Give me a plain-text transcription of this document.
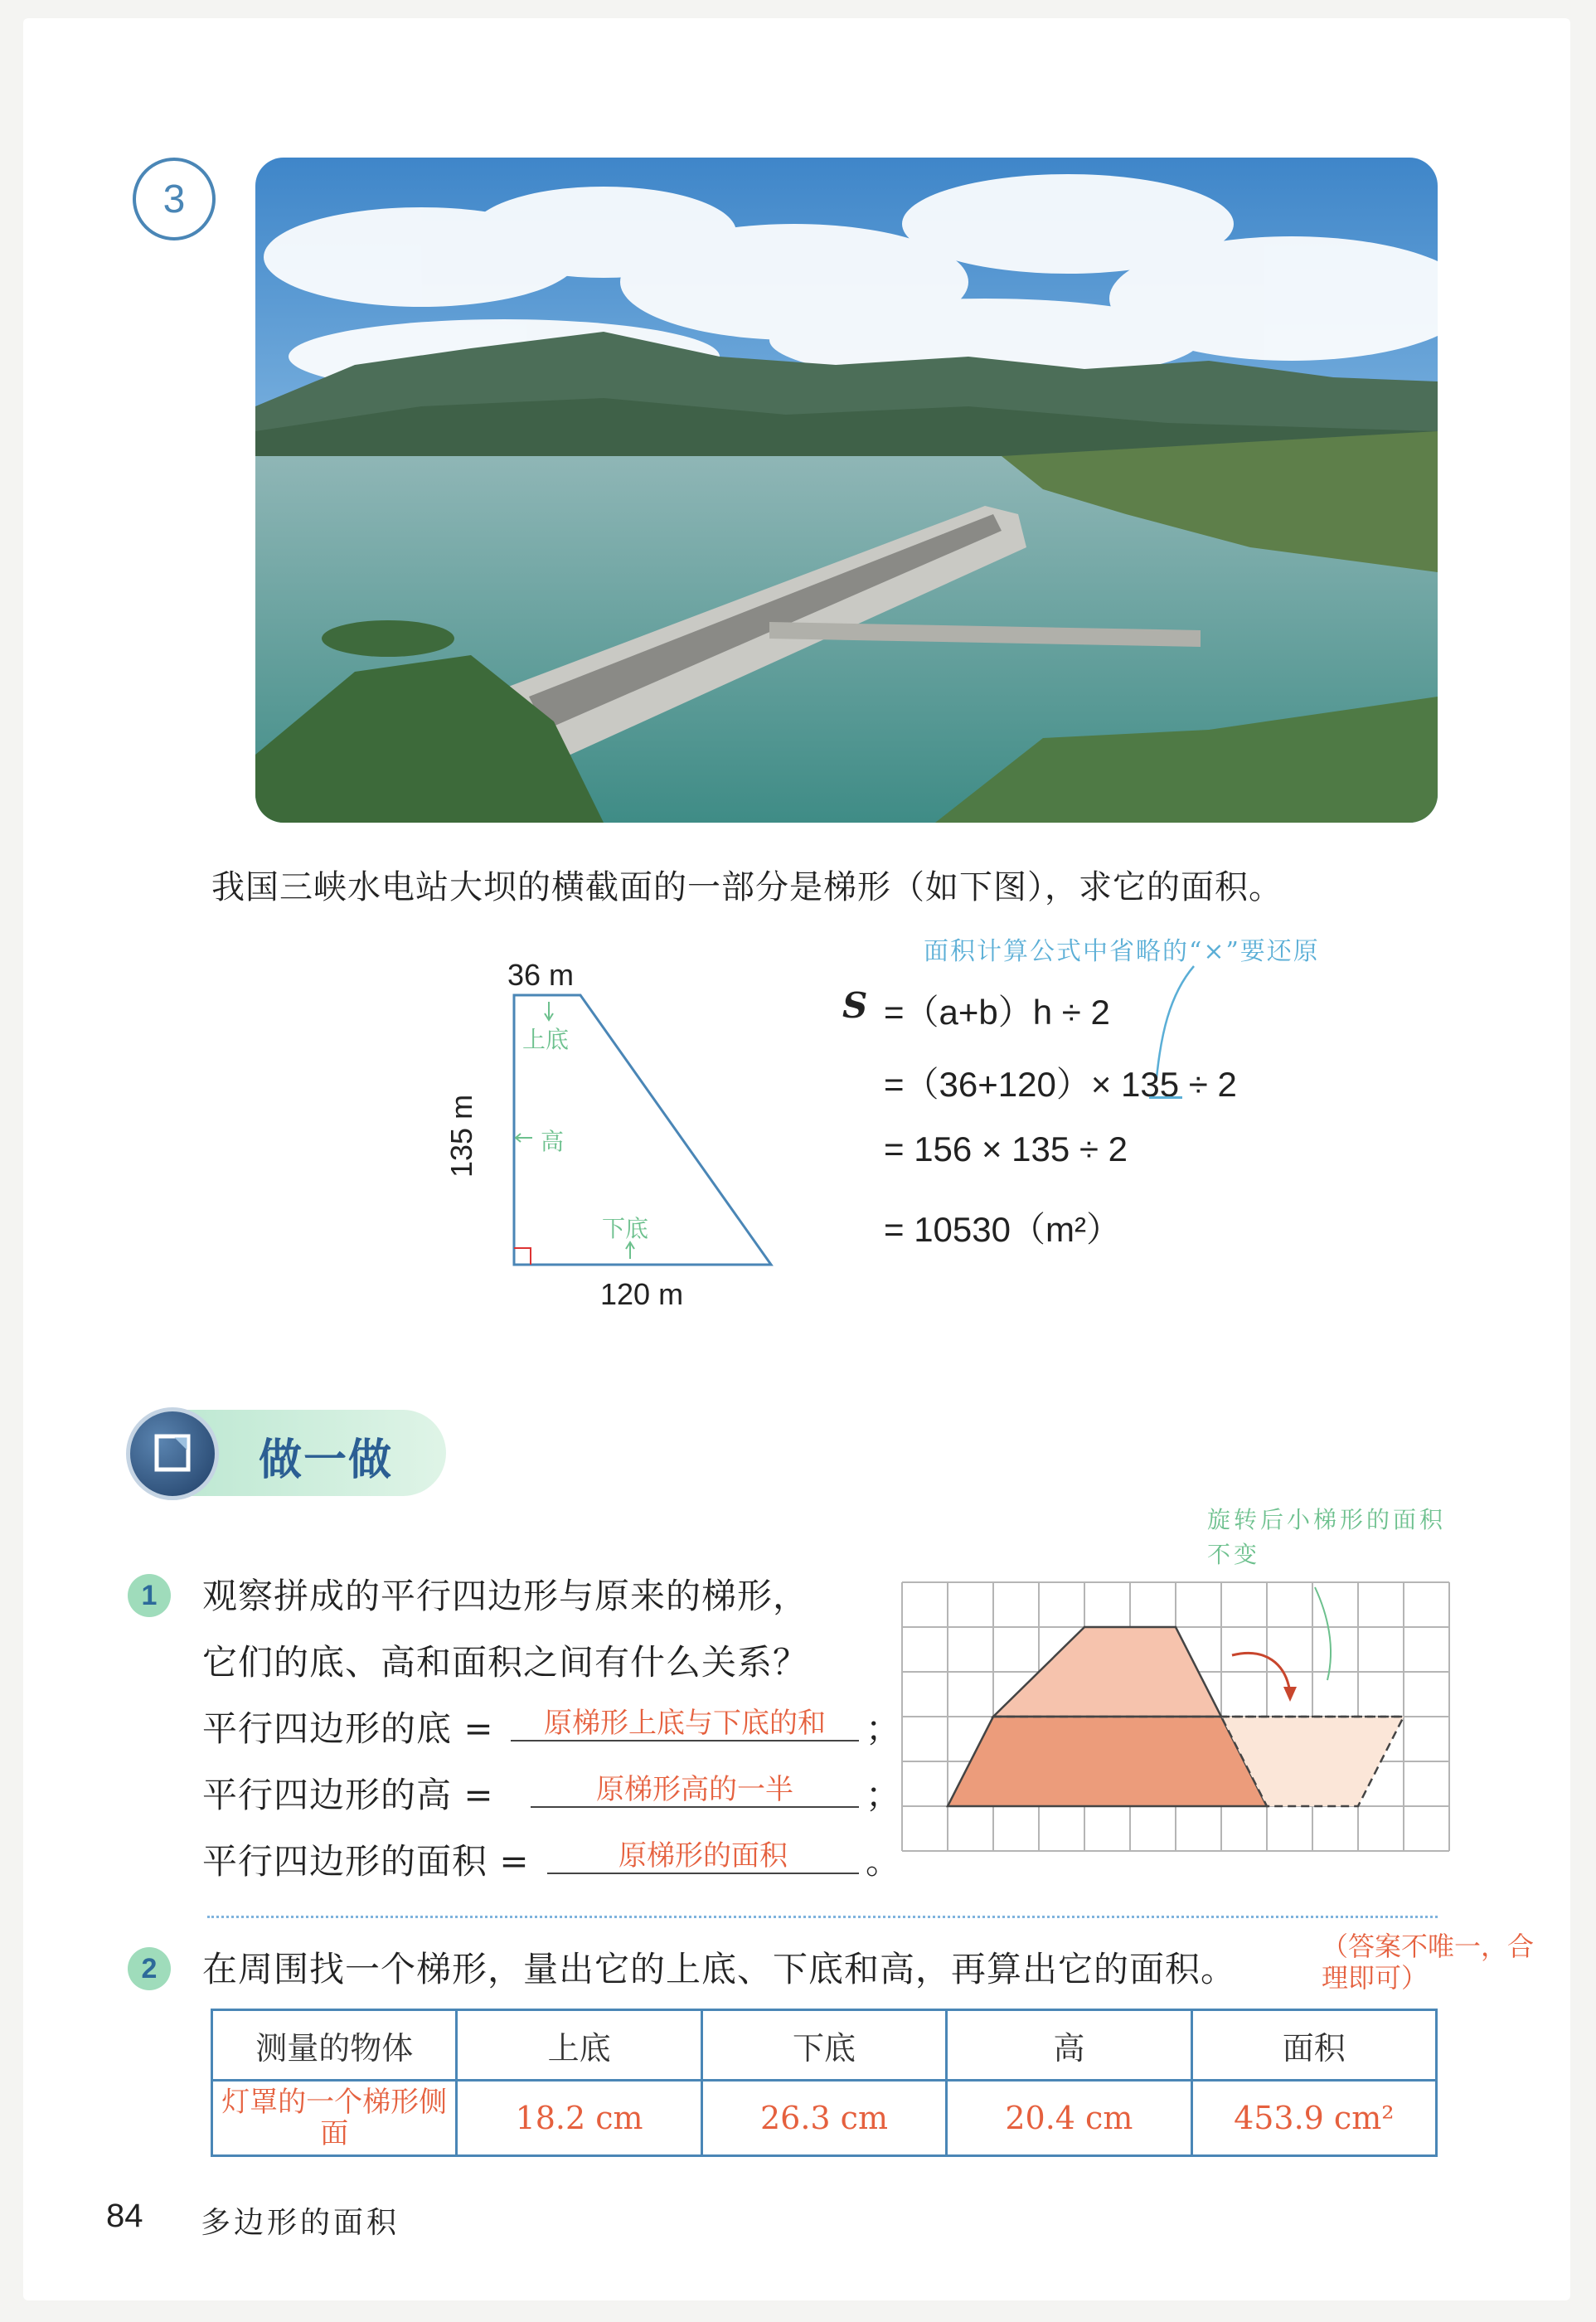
3
我国三峡水电站大坝的横截面的一部分是梯形（如下图），求它的面积。
36 m
135 m
120 m
上底
高
下底
面积计算公式中省略的“×”要还原
S =（a+b）h ÷ 2
=（36+120）× 135 ÷ 2
= 156 × 135 ÷ 2
= 10530（m²）
做一做
1	观察拼成的平行四边形与原来的梯形，
它们的底、高和面积之间有什么关系？
平行四边形的底 =	原梯形上底与下底的和	；
平行四边形的高 =	原梯形高的一半	；
平行四边形的面积 =	原梯形的面积	。
旋转后小梯形的面积不变
2	在周围找一个梯形，量出它的上底、下底和高，再算出它的面积。
（答案不唯一，合理即可）
测量的物体	上底	下底	高	面积
灯罩的一个梯形侧面	18.2 cm	26.3 cm	20.4 cm	453.9 cm²
84 多边形的面积
